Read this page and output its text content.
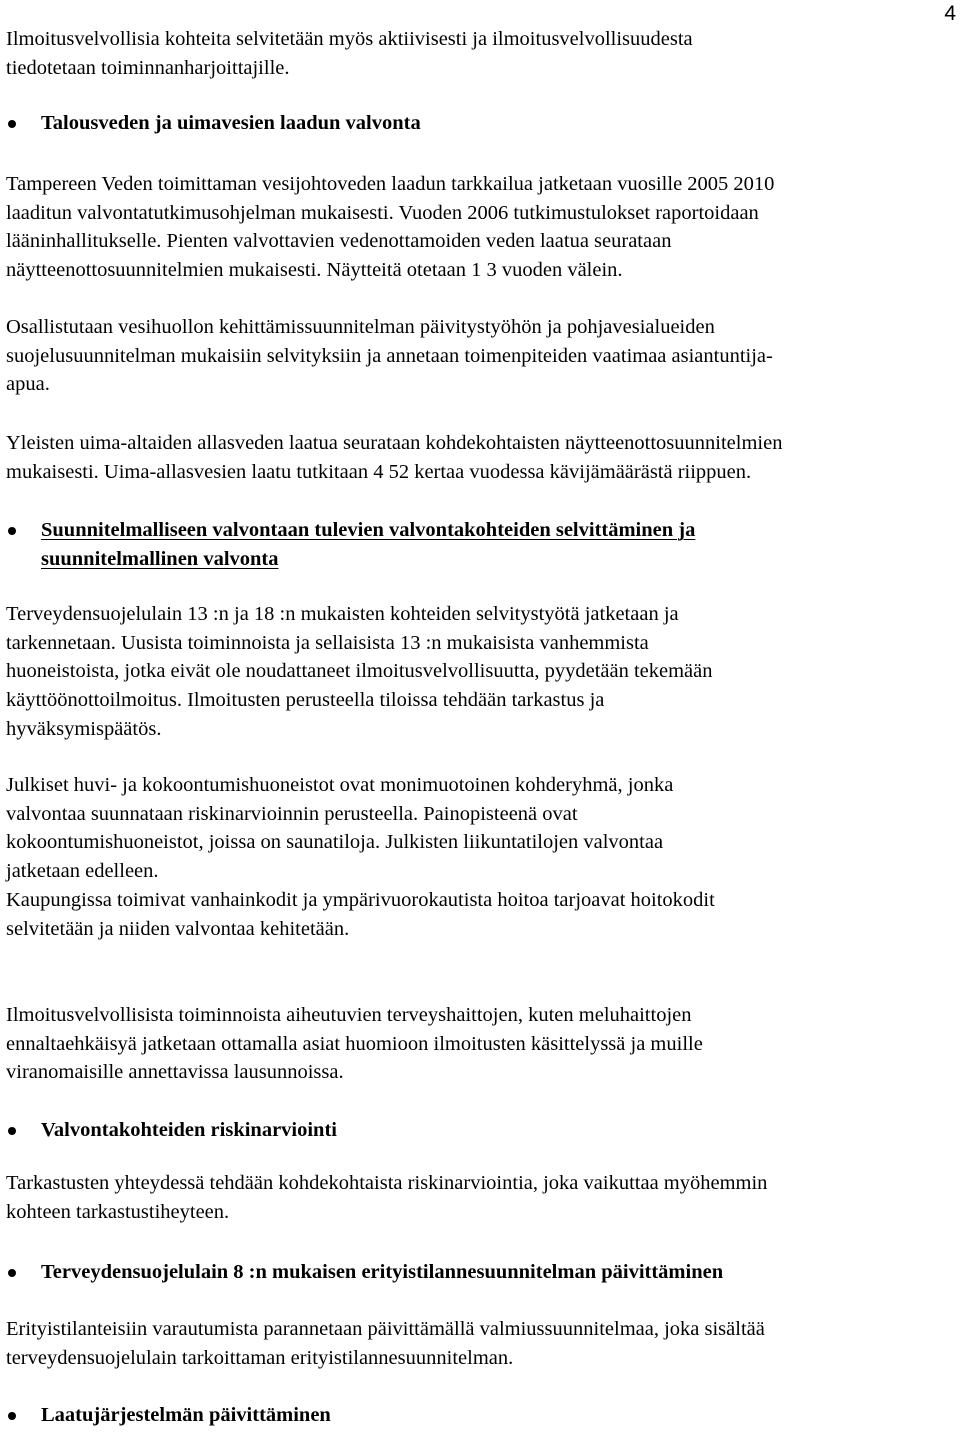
4

Ilmoitusvelvollisia kohteita selvitetään myös aktiivisesti ja ilmoitusvelvollisuudesta
tiedotetaan toiminnanharjoittajille.

Talousveden ja uimavesien laadun valvonta

Tampereen Veden toimittaman vesijohtoveden laadun tarkkailua jatketaan vuosille 2005 2010
laaditun valvontatutkimusohjelman mukaisesti. Vuoden 2006 tutkimustulokset raportoidaan
lääninhallitukselle. Pienten valvottavien vedenottamoiden veden laatua seurataan
näytteenottosuunnitelmien mukaisesti. Näytteitä otetaan 1 3 vuoden välein.

Osallistutaan vesihuollon kehittämissuunnitelman päivitystyöhön ja pohjavesialueiden
suojelusuunnitelman mukaisiin selvityksiin ja annetaan toimenpiteiden vaatimaa asiantuntija-
apua.

Yleisten uima-altaiden allasveden laatua seurataan kohdekohtaisten näytteenottosuunnitelmien
mukaisesti. Uima-allasvesien laatu tutkitaan 4 52 kertaa vuodessa kävijämäärästä riippuen.

Suunnitelmalliseen valvontaan tulevien valvontakohteiden selvittäminen ja
suunnitelmallinen valvonta

Terveydensuojelulain 13 :n ja 18 :n mukaisten kohteiden selvitystyötä jatketaan ja
tarkennetaan. Uusista toiminnoista ja sellaisista 13 :n mukaisista vanhemmista
huoneistoista, jotka eivät ole noudattaneet ilmoitusvelvollisuutta, pyydetään tekemään
käyttöönottoilmoitus. Ilmoitusten perusteella tiloissa tehdään tarkastus ja
hyväksymispäätös.

Julkiset huvi- ja kokoontumishuoneistot ovat monimuotoinen kohderyhmä, jonka
valvontaa suunnataan riskinarvioinnin perusteella. Painopisteenä ovat
kokoontumishuoneistot, joissa on saunatiloja. Julkisten liikuntatilojen valvontaa
jatketaan edelleen.

Kaupungissa toimivat vanhainkodit ja ympärivuorokautista hoitoa tarjoavat hoitokodit
selvitetään ja niiden valvontaa kehitetään.

Ilmoitusvelvollisista toiminnoista aiheutuvien terveyshaittojen, kuten meluhaittojen
ennaltaehkäisyä jatketaan ottamalla asiat huomioon ilmoitusten käsittelyssä ja muille
viranomaisille annettavissa lausunnoissa.

Valvontakohteiden riskinarviointi

Tarkastusten yhteydessä tehdään kohdekohtaista riskinarviointia, joka vaikuttaa myöhemmin
kohteen tarkastustiheyteen.

Terveydensuojelulain 8 :n mukaisen erityistilannesuunnitelman päivittäminen

Erityistilanteisiin varautumista parannetaan päivittämällä valmiussuunnitelmaa, joka sisältää
terveydensuojelulain tarkoittaman erityistilannesuunnitelman.

Laatujärjestelmän päivittäminen
